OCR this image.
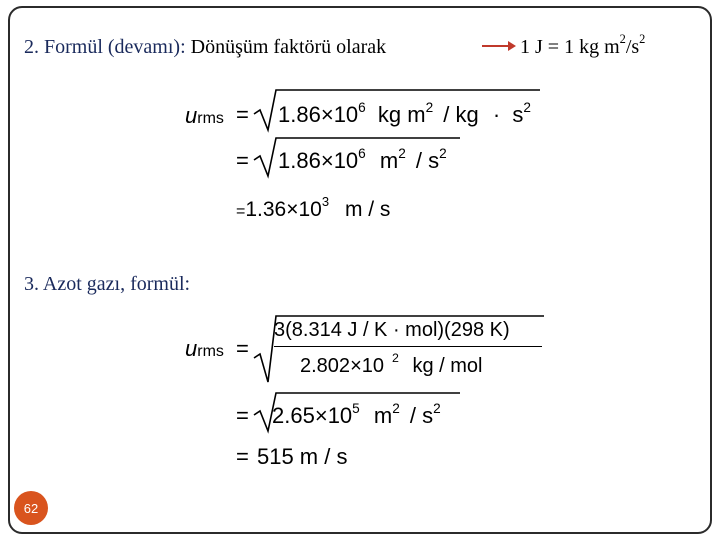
2. Formül (devamı): Dönüşüm faktörü olarak	1 J = 1 kg $m^2/s^2$
urms = $1.86\times 10^6$ kg $m^2$ / kg · $s^2$
= $1.86\times 10^6$ $m^2 / s^2$
$=1.36\times 10^3$ m / s
3. Azot gazı, formül:
urms =
3(8.314 J / K · mol)(298 K)
2.802×10 $^2$ kg / mol
= $2.65\times 10^5$ $m^2 / s^2$
= 515 m / s
62
